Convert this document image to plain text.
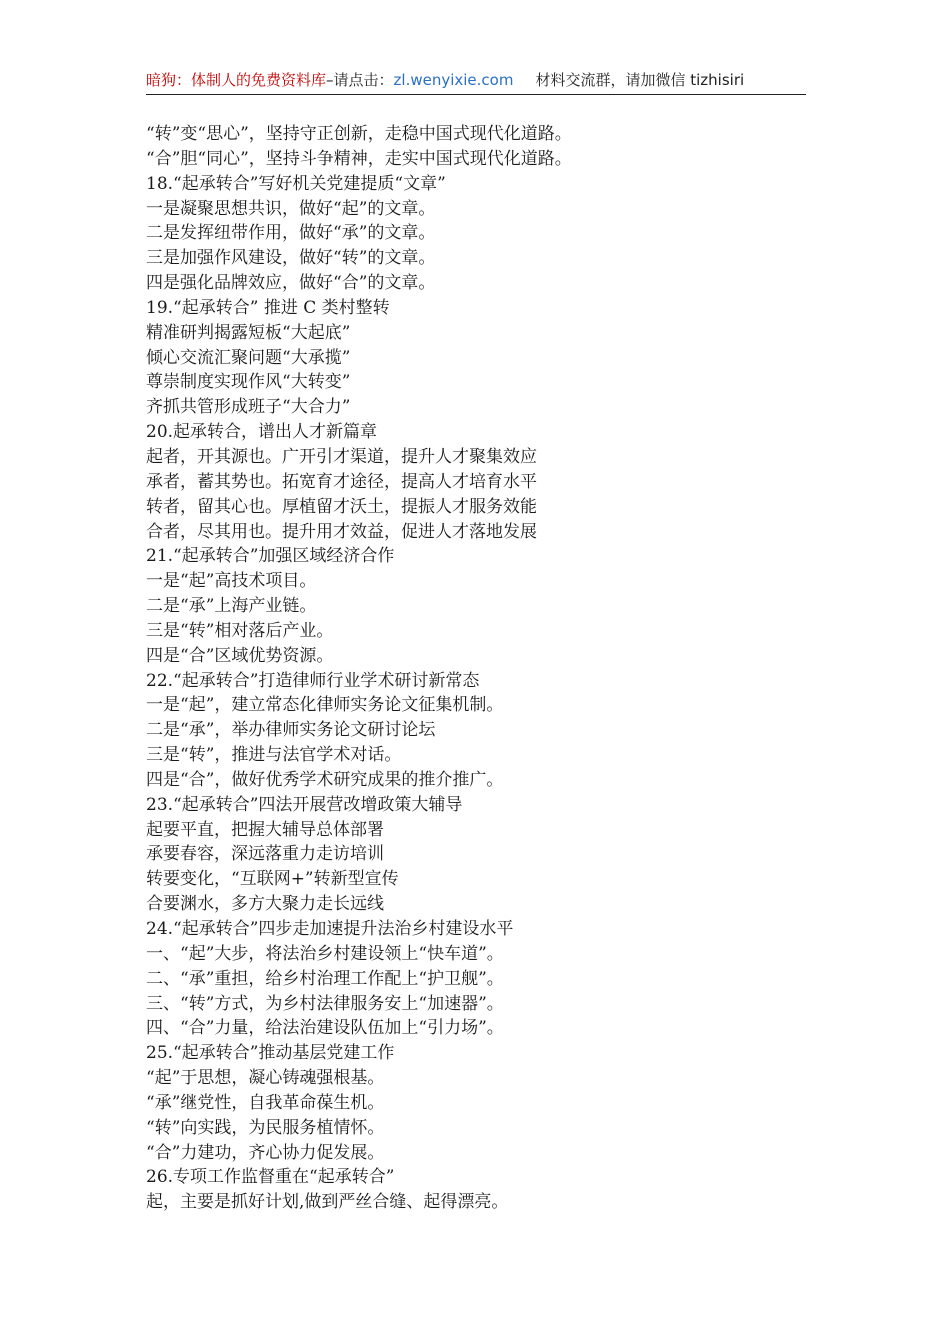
暗狗：体制人的免费资料库–请点击：zl.wenyixie.com 材料交流群，请加微信 tizhisiri
“转”变“思心”，坚持守正创新，走稳中国式现代化道路。
“合”胆“同心”，坚持斗争精神，走实中国式现代化道路。
18.“起承转合”写好机关党建提质“文章”
一是凝聚思想共识，做好“起”的文章。
二是发挥纽带作用，做好“承”的文章。
三是加强作风建设，做好“转”的文章。
四是强化品牌效应，做好“合”的文章。
19.“起承转合” 推进 C 类村整转
精准研判揭露短板“大起底”
倾心交流汇聚问题“大承揽”
尊崇制度实现作风“大转变”
齐抓共管形成班子“大合力”
20.起承转合，谱出人才新篇章
起者，开其源也。广开引才渠道，提升人才聚集效应
承者，蓄其势也。拓宽育才途径，提高人才培育水平
转者，留其心也。厚植留才沃土，提振人才服务效能
合者，尽其用也。提升用才效益，促进人才落地发展
21.“起承转合”加强区域经济合作
一是“起”高技术项目。
二是“承”上海产业链。
三是“转”相对落后产业。
四是“合”区域优势资源。
22.“起承转合”打造律师行业学术研讨新常态
一是“起”，建立常态化律师实务论文征集机制。
二是“承”，举办律师实务论文研讨论坛
三是“转”，推进与法官学术对话。
四是“合”，做好优秀学术研究成果的推介推广。
23.“起承转合”四法开展营改增政策大辅导
起要平直，把握大辅导总体部署
承要春容，深远落重力走访培训
转要变化，“互联网+”转新型宣传
合要渊水，多方大聚力走长远线
24.“起承转合”四步走加速提升法治乡村建设水平
一、“起”大步，将法治乡村建设领上“快车道”。
二、“承”重担，给乡村治理工作配上“护卫舰”。
三、“转”方式，为乡村法律服务安上“加速器”。
四、“合”力量，给法治建设队伍加上“引力场”。
25.“起承转合”推动基层党建工作
“起”于思想，凝心铸魂强根基。
“承”继党性，自我革命葆生机。
“转”向实践，为民服务植情怀。
“合”力建功，齐心协力促发展。
26.专项工作监督重在“起承转合”
起，主要是抓好计划,做到严丝合缝、起得漂亮。
